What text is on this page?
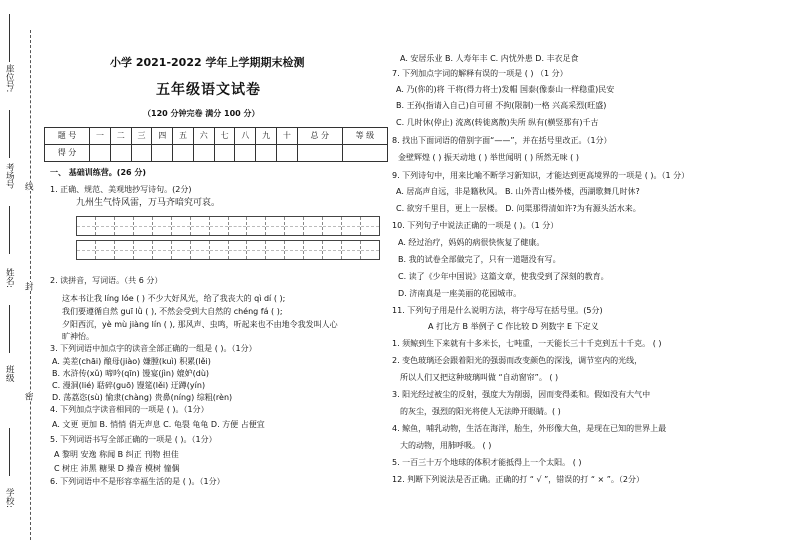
学校:
班级
姓名:
考场号
座位号:
密
封
线
小学 2021-2022 学年上学期期末检测
五年级语文试卷
（120 分钟完卷 满分 100 分）
题 号	一	二	三	四	五	六	七	八	九	十	总 分	等 级
得 分												
一、 基础训练营。(26 分)
1. 正确、规范、美观地抄写诗句。(2分)
九州生气恃风雷，万马齐喑究可哀。
2. 读拼音，写词语。（共 6 分）
这本书让我 líng lóe ( ) 不少大好风光，给了我丧大的 qì dí ( );
我们要遵循自然 guī lǜ ( ), 不然会受到大自然的 chéng fá ( );
夕阳西沉，yè mù jiàng lín ( ), 那风声、虫鸣，听起来也不由地令我发叫人心
旷神怡。
3. 下列词语中加点字的读音全部正确的一组是 ( )。（1分）
A. 美差(chāi) 酿母(jiào) 嫌膛(kuì) 积累(lěi)
B. 水浒传(xǔ) 啼吟(qīn) 馒宴(jìn) 媲妒(dù)
C. 漫洞(lié) 聒碎(guō) 馒筵(lěi) 迂蹲(yín)
D. 荡荔恣(sù) 愉隶(chàng) 贵鼻(níng) 综粗(rèn)
4. 下列加点字读音相同的一项是 ( )。（1分）
A. 文更 更加 B. 悄悄 俏无声息 C. 龟裂 龟龟 D. 方便 占便宜
5. 下列词语书写全部正确的一项是 ( )。（1分）
A 黎明 安逸 称闻 B 纠正 刊物 担佳
C 树庄 沛黑 糖果 D 操音 模树 憧偶
6. 下列词语中不是形容幸福生活的是 ( )。（1分）
A. 安居乐业 B. 人寿年丰 C. 内忧外患 D. 丰衣足食
7. 下列加点字词的解释有误的一项是 ( ) （1 分）
A. 乃(你的)将 干将(得力将士)发帽 国泰(像泰山一样稳重)民安
B. 王孙(指请入自己)自可留 不拘(限制)一格 兴高采烈(旺盛)
C. 几时休(停止) 流离(转徙离散)失所 纵有(横竖那有)千古
8. 找出下面词语的借别字面“——”，并在括号里改正。（1分）
金壁辉煌 ( ) 振天动地 ( ) 举世闻明 ( ) 所然无味 ( )
9. 下列诗句中，用来比喻不断学习新知识，才能达到更高境界的一项是 ( )。（1 分）
A. 居高声自远，非是籍秋风。 B. 山外青山楼外楼，西湖歌舞几时休?
C. 欲穷千里目，更上一层楼。 D. 问渠那得清如许?为有源头活水来。
10. 下列句子中说法正确的一项是 ( )。（1 分）
A. 经过治疗，妈妈的病很快恢复了健康。
B. 我的试卷全部做完了，只有一道题没有写。
C. 读了《少年中国说》这篇文章，使我受到了深刻的教育。
D. 济南真是一座美丽的花园城市。
11. 下列句子用是什么说明方法，将字母写在括号里。(5分)
A 打比方 B 举例子 C 作比较 D 列数字 E 下定义
1. 须鲸到生下来就有十多米长，七吨重，一天能长三十千克到五十千克。 ( )
2. 变色玻璃还会跟着阳光的强弱而改变颜色的深浅，调节室内的光线，
所以人们又把这种玻璃叫做 “自动窗帘”。 ( )
3. 阳光经过被尘的反射，强度大为削弱，因而变得柔和。假如没有大气中
的灰尘，强烈的阳光将使人无法睁开眼睛。( )
4. 鲸鱼，哺乳动物，生活在海洋，胎生，外形像大鱼，是现在已知的世界上最
大的动物，用肺呼吸。 ( )
5. 一百三十万个地球的体积才能抵得上一个太阳。 ( )
12. 判断下列说法是否正确。正确的打 “ √ ”，错误的打 “ × ”。（2分）
